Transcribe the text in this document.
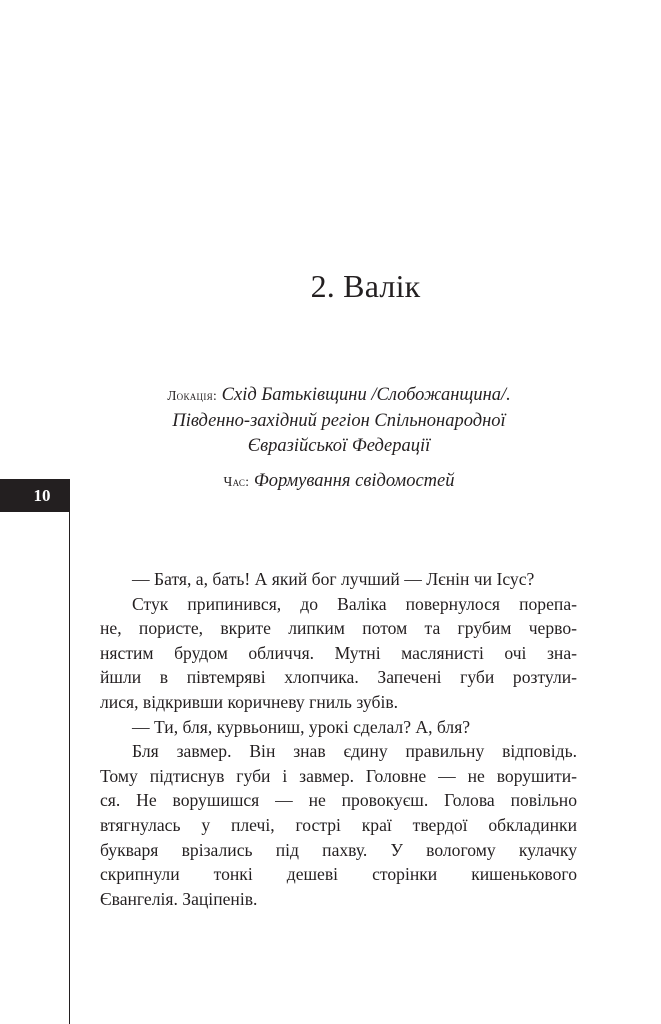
10
2. Валік
Локація: Схід Батьківщини /Слобожанщина/.
Південно-західний регіон Спільнонародної
Євразійської Федерації
Час: Формування свідомостей
— Батя, а, бать! А який бог лучший — Лєнін чи Ісус?
Стук припинився, до Валіка повернулося порепа-
не, пористе, вкрите липким потом та грубим черво-
нястим брудом обличчя. Мутні маслянисті очі зна-
йшли в півтемряві хлопчика. Запечені губи розтули-
лися, відкривши коричневу гниль зубів.
— Ти, бля, курвьониш, урокі сделал? А, бля?
Бля завмер. Він знав єдину правильну відповідь.
Тому підтиснув губи і завмер. Головне — не ворушити-
ся. Не ворушишся — не провокуєш. Голова повільно
втягнулась у плечі, гострі краї твердої обкладинки
букваря врізались під пахву. У вологому кулачку
скрипнули тонкі дешеві сторінки кишенькового
Євангелія. Заціпенів.
